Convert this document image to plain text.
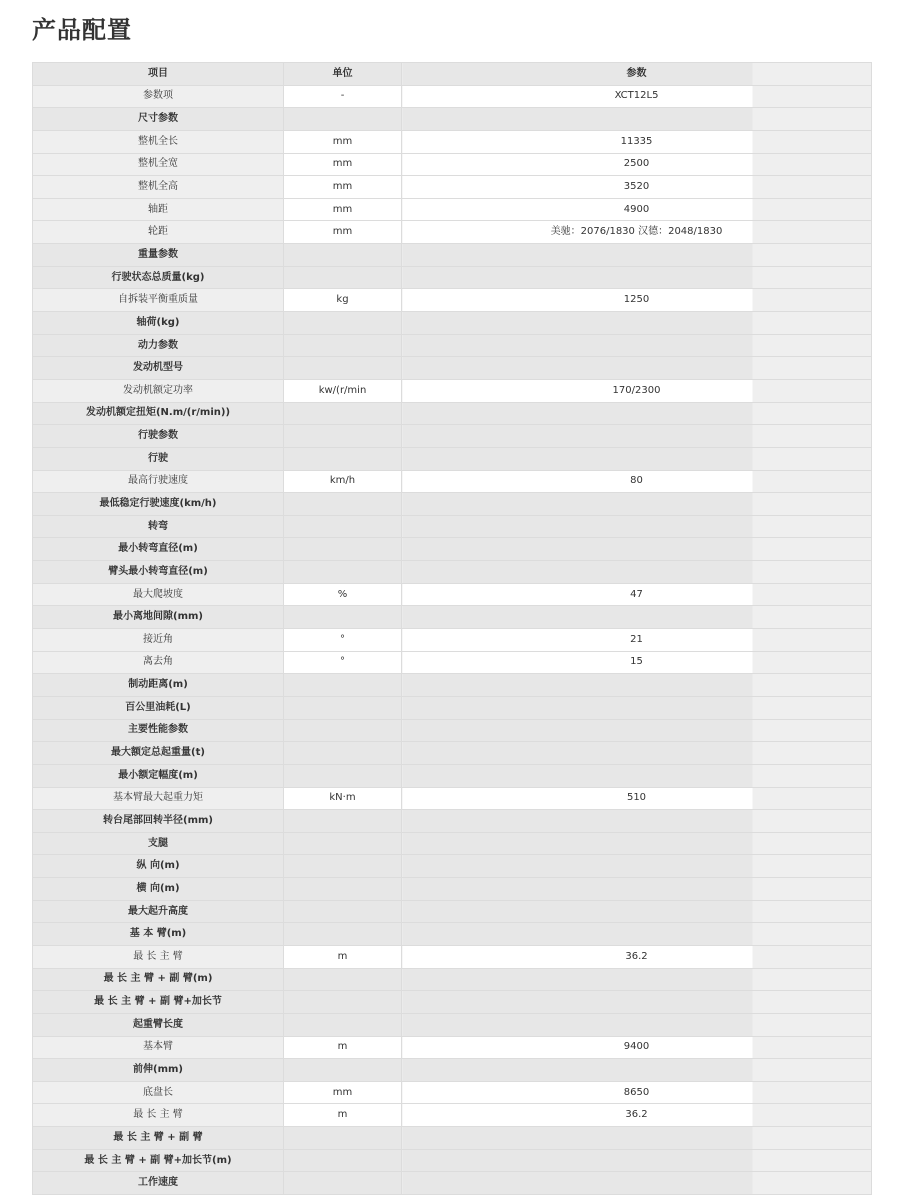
产品配置
项目	单位	参数
参数项	-	XCT12L5
尺寸参数		
整机全长	mm	11335
整机全宽	mm	2500
整机全高	mm	3520
轴距	mm	4900
轮距	mm	美驰：2076/1830 汉德：2048/1830
重量参数		
行驶状态总质量(kg)		
自拆装平衡重质量	kg	1250
轴荷(kg)		
动力参数		
发动机型号		
发动机额定功率	kw/(r/min	170/2300
发动机额定扭矩(N.m/(r/min))		
行驶参数		
行驶		
最高行驶速度	km/h	80
最低稳定行驶速度(km/h)		
转弯		
最小转弯直径(m)		
臂头最小转弯直径(m)		
最大爬坡度	%	47
最小离地间隙(mm)		
接近角	°	21
离去角	°	15
制动距离(m)		
百公里油耗(L)		
主要性能参数		
最大额定总起重量(t)		
最小额定幅度(m)		
基本臂最大起重力矩	kN·m	510
转台尾部回转半径(mm)		
支腿		
纵 向(m)		
横 向(m)		
最大起升高度		
基 本 臂(m)		
最 长 主 臂	m	36.2
最 长 主 臂 + 副 臂(m)		
最 长 主 臂 + 副 臂+加长节		
起重臂长度		
基本臂	m	9400
前伸(mm)		
底盘长	mm	8650
最 长 主 臂	m	36.2
最 长 主 臂 + 副 臂		
最 长 主 臂 + 副 臂+加长节(m)		
工作速度		
